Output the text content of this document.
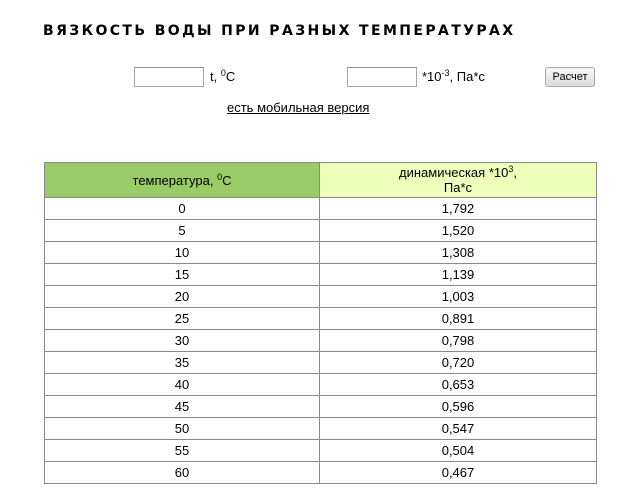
ВЯЗКОСТЬ ВОДЫ ПРИ РАЗНЫХ ТЕМПЕРАТУРАХ
t, $^0$C	$*10^{-3}$, Па*с	Расчет
есть мобильная версия
температура, $^0$C	динамическая $*10^3$,
Па*с
0	1,792
5	1,520
10	1,308
15	1,139
20	1,003
25	0,891
30	0,798
35	0,720
40	0,653
45	0,596
50	0,547
55	0,504
60	0,467
